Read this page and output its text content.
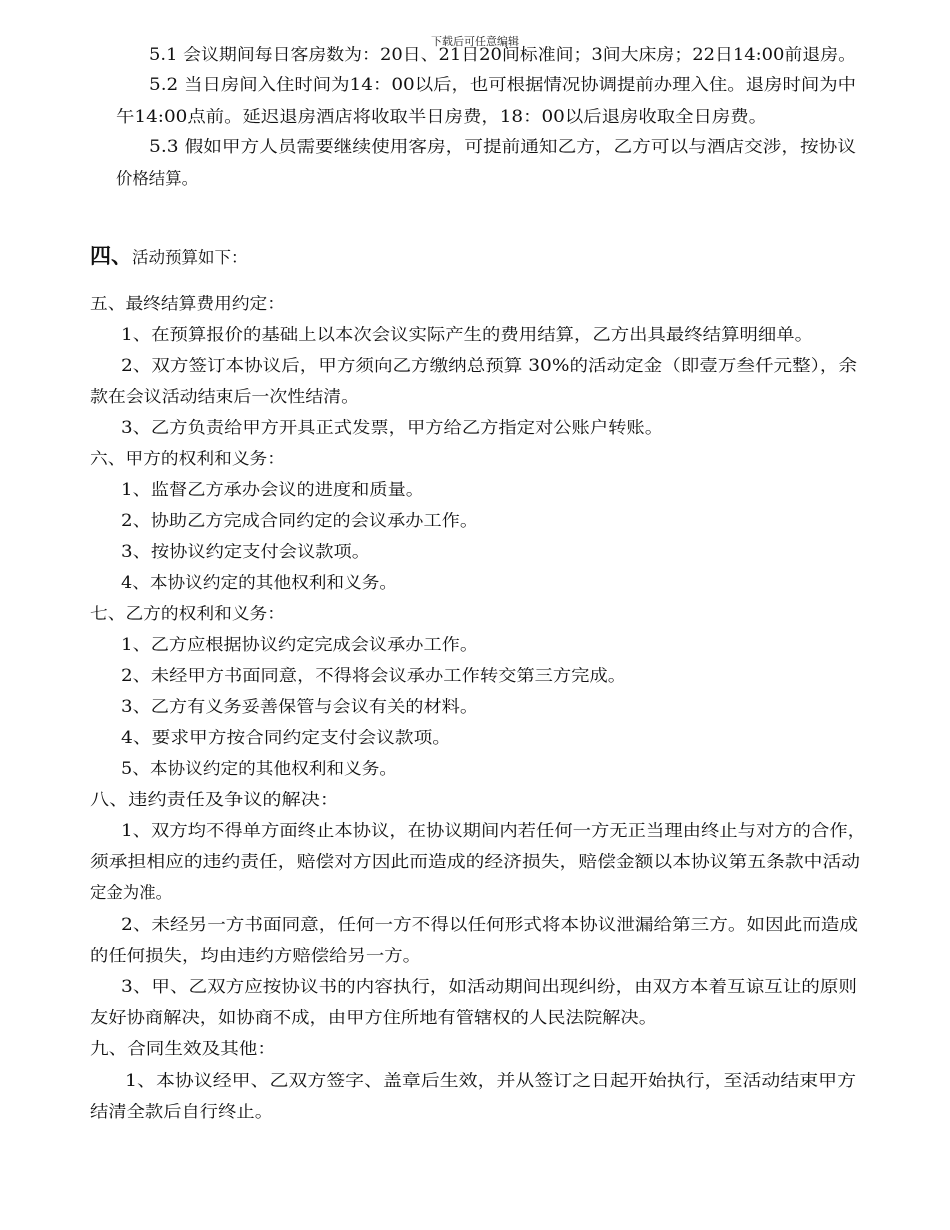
下载后可任意编辑
5.1 会议期间每日客房数为：20日、21日20间标准间；3间大床房；22日14:00前退房。
5.2 当日房间入住时间为14：00以后，也可根据情况协调提前办理入住。退房时间为中
午14:00点前。延迟退房酒店将收取半日房费，18：00以后退房收取全日房费。
5.3 假如甲方人员需要继续使用客房，可提前通知乙方，乙方可以与酒店交涉，按协议
价格结算。
五、最终结算费用约定：
1、在预算报价的基础上以本次会议实际产生的费用结算，乙方出具最终结算明细单。
2、双方签订本协议后，甲方须向乙方缴纳总预算 30%的活动定金（即壹万叁仟元整），余
款在会议活动结束后一次性结清。
3、乙方负责给甲方开具正式发票，甲方给乙方指定对公账户转账。
六、甲方的权利和义务：
1、监督乙方承办会议的进度和质量。
2、协助乙方完成合同约定的会议承办工作。
3、按协议约定支付会议款项。
4、本协议约定的其他权利和义务。
七、乙方的权利和义务：
1、乙方应根据协议约定完成会议承办工作。
2、未经甲方书面同意，不得将会议承办工作转交第三方完成。
3、乙方有义务妥善保管与会议有关的材料。
4、要求甲方按合同约定支付会议款项。
5、本协议约定的其他权利和义务。
八、违约责任及争议的解决：
1、双方均不得单方面终止本协议，在协议期间内若任何一方无正当理由终止与对方的合作，
须承担相应的违约责任，赔偿对方因此而造成的经济损失，赔偿金额以本协议第五条款中活动
定金为准。
2、未经另一方书面同意，任何一方不得以任何形式将本协议泄漏给第三方。如因此而造成
的任何损失，均由违约方赔偿给另一方。
3、甲、乙双方应按协议书的内容执行，如活动期间出现纠纷，由双方本着互谅互让的原则
友好协商解决，如协商不成，由甲方住所地有管辖权的人民法院解决。
九、合同生效及其他：
1、本协议经甲、乙双方签字、盖章后生效，并从签订之日起开始执行，至活动结束甲方
结清全款后自行终止。
四、活动预算如下：
